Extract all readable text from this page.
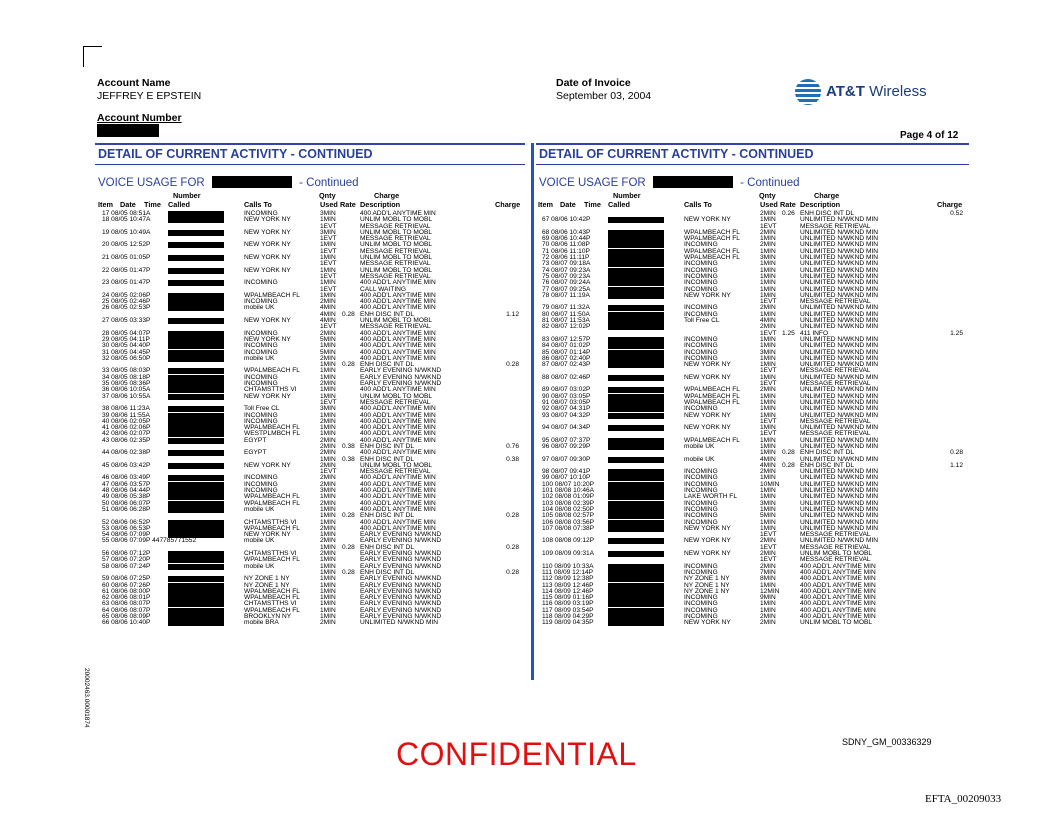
Account Name
JEFFREY E EPSTEIN
Account Number
Date of Invoice
September 03, 2004	AT&T Wireless
Page 4 of 12
DETAIL OF CURRENT ACTIVITY - CONTINUED
VOICE USAGE FOR	- Continued
Number	Qnty	Charge
Item Date Time Called	Calls To	Used Rate Description	Charge
17 08/05 08:51A	INCOMING	3MIN	400 ADD'L ANYTIME MIN
18 08/05 10:47A	NEW YORK NY	1MIN	UNLIM MOBL TO MOBL
1EVT	MESSAGE RETRIEVAL
19 08/05 10:49A	NEW YORK NY	3MIN	UNLIM MOBL TO MOBL
1EVT	MESSAGE RETRIEVAL
20 08/05 12:52P	NEW YORK NY	1MIN	UNLIM MOBL TO MOBL
1EVT	MESSAGE RETRIEVAL
21 08/05 01:05P	NEW YORK NY	1MIN	UNLIM MOBL TO MOBL
1EVT	MESSAGE RETRIEVAL
22 08/05 01:47P	NEW YORK NY	1MIN	UNLIM MOBL TO MOBL
1EVT	MESSAGE RETRIEVAL
23 08/05 01:47P	INCOMING	1MIN	400 ADD'L ANYTIME MIN
1EVT	CALL WAITING
24 08/05 02:06P	WPALMBEACH FL	1MIN	400 ADD'L ANYTIME MIN
25 08/05 02:46P	INCOMING	2MIN	400 ADD'L ANYTIME MIN
26 08/05 02:53P	mobile UK	4MIN	400 ADD'L ANYTIME MIN
4MIN 0.28 ENH DISC INT DL	1.12
27 08/05 03:33P	NEW YORK NY	4MIN	UNLIM MOBL TO MOBL
1EVT	MESSAGE RETRIEVAL
28 08/05 04:07P	INCOMING	2MIN	400 ADD'L ANYTIME MIN
29 08/05 04:11P	NEW YORK NY	5MIN	400 ADD'L ANYTIME MIN
30 08/05 04:40P	INCOMING	1MIN	400 ADD'L ANYTIME MIN
31 08/05 04:45P	INCOMING	5MIN	400 ADD'L ANYTIME MIN
32 08/05 06:50P	mobile UK	2MIN	400 ADD'L ANYTIME MIN
1MIN 0.28 ENH DISC INT DL	0.28
33 08/05 08:03P	WPALMBEACH FL	1MIN	EARLY EVENING N/WKND
34 08/05 08:18P	INCOMING	1MIN	EARLY EVENING N/WKND
35 08/05 08:36P	INCOMING	2MIN	EARLY EVENING N/WKND
36 08/06 10:05A	CHTAMSTTHS VI	1MIN	400 ADD'L ANYTIME MIN
37 08/06 10:55A	NEW YORK NY	1MIN	UNLIM MOBL TO MOBL
1EVT	MESSAGE RETRIEVAL
38 08/06 11:23A	Toll Free CL	3MIN	400 ADD'L ANYTIME MIN
39 08/06 11:55A	INCOMING	1MIN	400 ADD'L ANYTIME MIN
40 08/06 02:05P	INCOMING	2MIN	400 ADD'L ANYTIME MIN
41 08/06 02:06P	WPALMBEACH FL	1MIN	400 ADD'L ANYTIME MIN
42 08/06 02:07P	WESTPLMBCH FL	1MIN	400 ADD'L ANYTIME MIN
43 08/06 02:35P	EGYPT	2MIN	400 ADD'L ANYTIME MIN
2MIN 0.38 ENH DISC INT DL	0.76
44 08/06 02:38P	EGYPT	2MIN	400 ADD'L ANYTIME MIN
1MIN 0.38 ENH DISC INT DL	0.38
45 08/06 03:42P	NEW YORK NY	2MIN	UNLIM MOBL TO MOBL
1EVT	MESSAGE RETRIEVAL
46 08/06 03:49P	INCOMING	2MIN	400 ADD'L ANYTIME MIN
47 08/06 03:57P	INCOMING	2MIN	400 ADD'L ANYTIME MIN
48 08/06 04:44P	INCOMING	3MIN	400 ADD'L ANYTIME MIN
49 08/06 05:38P	WPALMBEACH FL	1MIN	400 ADD'L ANYTIME MIN
50 08/06 06:07P	WPALMBEACH FL	2MIN	400 ADD'L ANYTIME MIN
51 08/06 06:28P	mobile UK	1MIN	400 ADD'L ANYTIME MIN
1MIN 0.28 ENH DISC INT DL	0.28
52 08/06 06:52P	CHTAMSTTHS VI	1MIN	400 ADD'L ANYTIME MIN
53 08/06 06:53P	WPALMBEACH FL	2MIN	400 ADD'L ANYTIME MIN
54 08/06 07:09P	NEW YORK NY	1MIN	EARLY EVENING N/WKND
55 08/06 07:09P 447785771552	mobile UK	2MIN	EARLY EVENING N/WKND
1MIN 0.28 ENH DISC INT DL	0.28
56 08/06 07:12P	CHTAMSTTHS VI	2MIN	EARLY EVENING N/WKND
57 08/06 07:20P	WPALMBEACH FL	1MIN	EARLY EVENING N/WKND
58 08/06 07:24P	mobile UK	1MIN	EARLY EVENING N/WKND
1MIN 0.28 ENH DISC INT DL	0.28
59 08/06 07:25P	NY ZONE 1 NY	1MIN	EARLY EVENING N/WKND
60 08/06 07:26P	NY ZONE 1 NY	1MIN	EARLY EVENING N/WKND
61 08/06 08:00P	WPALMBEACH FL	1MIN	EARLY EVENING N/WKND
62 08/06 08:01P	WPALMBEACH FL	1MIN	EARLY EVENING N/WKND
63 08/06 08:07P	CHTAMSTTHS VI	1MIN	EARLY EVENING N/WKND
64 08/06 08:07P	WPALMBEACH FL	1MIN	EARLY EVENING N/WKND
65 08/06 08:09P	BROOKLYN NY	1MIN	EARLY EVENING N/WKND
66 08/06 10:40P	mobile BRA	2MIN	UNLIMITED N/WKND MIN
DETAIL OF CURRENT ACTIVITY - CONTINUED
VOICE USAGE FOR	- Continued
Number	Qnty	Charge
Item Date Time Called	Calls To	Used Rate Description	Charge
2MIN 0.26 ENH DISC INT DL	0.52
67 08/06 10:42P	NEW YORK NY	1MIN	UNLIMITED N/WKND MIN
1EVT	MESSAGE RETRIEVAL
68 08/06 10:43P	WPALMBEACH FL	2MIN	UNLIMITED N/WKND MIN
69 08/06 10:44P	WPALMBEACH FL	1MIN	UNLIMITED N/WKND MIN
70 08/06 11:08P	INCOMING	2MIN	UNLIMITED N/WKND MIN
71 08/06 11:10P	WPALMBEACH FL	1MIN	UNLIMITED N/WKND MIN
72 08/06 11:11P	WPALMBEACH FL	3MIN	UNLIMITED N/WKND MIN
73 08/07 09:18A	INCOMING	1MIN	UNLIMITED N/WKND MIN
74 08/07 09:23A	INCOMING	1MIN	UNLIMITED N/WKND MIN
75 08/07 09:23A	INCOMING	1MIN	UNLIMITED N/WKND MIN
76 08/07 09:24A	INCOMING	1MIN	UNLIMITED N/WKND MIN
77 08/07 09:25A	INCOMING	1MIN	UNLIMITED N/WKND MIN
78 08/07 11:19A	NEW YORK NY	1MIN	UNLIMITED N/WKND MIN
1EVT	MESSAGE RETRIEVAL
79 08/07 11:32A	INCOMING	2MIN	UNLIMITED N/WKND MIN
80 08/07 11:50A	INCOMING	1MIN	UNLIMITED N/WKND MIN
81 08/07 11:53A	Toll Free CL	4MIN	UNLIMITED N/WKND MIN
82 08/07 12:02P	2MIN	UNLIMITED N/WKND MIN
1EVT 1.25 411 INFO	1.25
83 08/07 12:57P	INCOMING	1MIN	UNLIMITED N/WKND MIN
84 08/07 01:02P	INCOMING	1MIN	UNLIMITED N/WKND MIN
85 08/07 01:14P	INCOMING	3MIN	UNLIMITED N/WKND MIN
86 08/07 02:40P	INCOMING	1MIN	UNLIMITED N/WKND MIN
87 08/07 02:43P	NEW YORK NY	1MIN	UNLIMITED N/WKND MIN
1EVT	MESSAGE RETRIEVAL
88 08/07 02:46P	NEW YORK NY	1MIN	UNLIMITED N/WKND MIN
1EVT	MESSAGE RETRIEVAL
89 08/07 03:02P	WPALMBEACH FL	2MIN	UNLIMITED N/WKND MIN
90 08/07 03:05P	WPALMBEACH FL	1MIN	UNLIMITED N/WKND MIN
91 08/07 03:05P	WPALMBEACH FL	1MIN	UNLIMITED N/WKND MIN
92 08/07 04:31P	INCOMING	1MIN	UNLIMITED N/WKND MIN
93 08/07 04:32P	NEW YORK NY	1MIN	UNLIMITED N/WKND MIN
1EVT	MESSAGE RETRIEVAL
94 08/07 04:34P	NEW YORK NY	1MIN	UNLIMITED N/WKND MIN
1EVT	MESSAGE RETRIEVAL
95 08/07 07:37P	WPALMBEACH FL	1MIN	UNLIMITED N/WKND MIN
96 08/07 09:29P	mobile UK	1MIN	UNLIMITED N/WKND MIN
1MIN 0.28 ENH DISC INT DL	0.28
97 08/07 09:30P	mobile UK	4MIN	UNLIMITED N/WKND MIN
4MIN 0.28 ENH DISC INT DL	1.12
98 08/07 09:41P	INCOMING	2MIN	UNLIMITED N/WKND MIN
99 08/07 10:10P	INCOMING	1MIN	UNLIMITED N/WKND MIN
100 08/07 10:20P	INCOMING	10MIN	UNLIMITED N/WKND MIN
101 08/08 10:46A	INCOMING	1MIN	UNLIMITED N/WKND MIN
102 08/08 01:09P	LAKE WORTH FL	1MIN	UNLIMITED N/WKND MIN
103 08/08 02:39P	INCOMING	3MIN	UNLIMITED N/WKND MIN
104 08/08 02:50P	INCOMING	1MIN	UNLIMITED N/WKND MIN
105 08/08 02:57P	INCOMING	5MIN	UNLIMITED N/WKND MIN
106 08/08 03:56P	INCOMING	1MIN	UNLIMITED N/WKND MIN
107 08/08 07:38P	NEW YORK NY	1MIN	UNLIMITED N/WKND MIN
1EVT	MESSAGE RETRIEVAL
108 08/08 09:12P	NEW YORK NY	2MIN	UNLIMITED N/WKND MIN
1EVT	MESSAGE RETRIEVAL
109 08/09 09:31A	NEW YORK NY	2MIN	UNLIM MOBL TO MOBL
1EVT	MESSAGE RETRIEVAL
110 08/09 10:33A	INCOMING	2MIN	400 ADD'L ANYTIME MIN
111 08/09 12:14P	INCOMING	7MIN	400 ADD'L ANYTIME MIN
112 08/09 12:38P	NY ZONE 1 NY	8MIN	400 ADD'L ANYTIME MIN
113 08/09 12:46P	NY ZONE 1 NY	1MIN	400 ADD'L ANYTIME MIN
114 08/09 12:46P	NY ZONE 1 NY	12MIN	400 ADD'L ANYTIME MIN
115 08/09 01:16P	INCOMING	9MIN	400 ADD'L ANYTIME MIN
116 08/09 03:19P	INCOMING	1MIN	400 ADD'L ANYTIME MIN
117 08/09 03:54P	INCOMING	1MIN	400 ADD'L ANYTIME MIN
118 08/09 04:29P	INCOMING	2MIN	400 ADD'L ANYTIME MIN
119 08/09 04:35P	NEW YORK NY	2MIN	UNLIM MOBL TO MOBL
20002463.00001874
CONFIDENTIAL	SDNY_GM_00336329
EFTA_00209033
